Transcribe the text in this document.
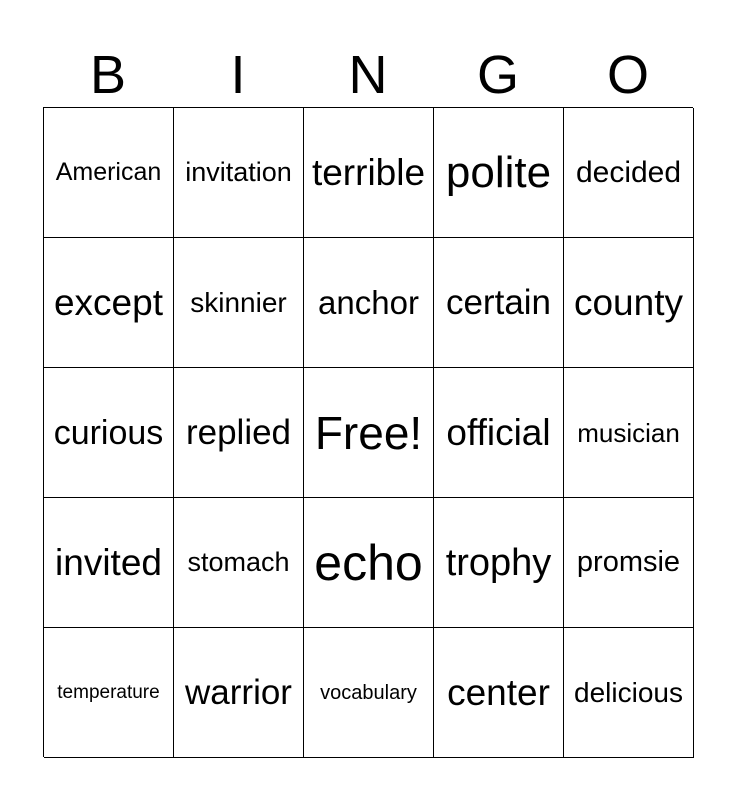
B	I	N	G	O
American invitation terrible polite decided
except skinnier anchor certain county
curious replied Free! official	musician
invited stomach echo trophy promsie
temperature warrior	vocabulary center delicious
